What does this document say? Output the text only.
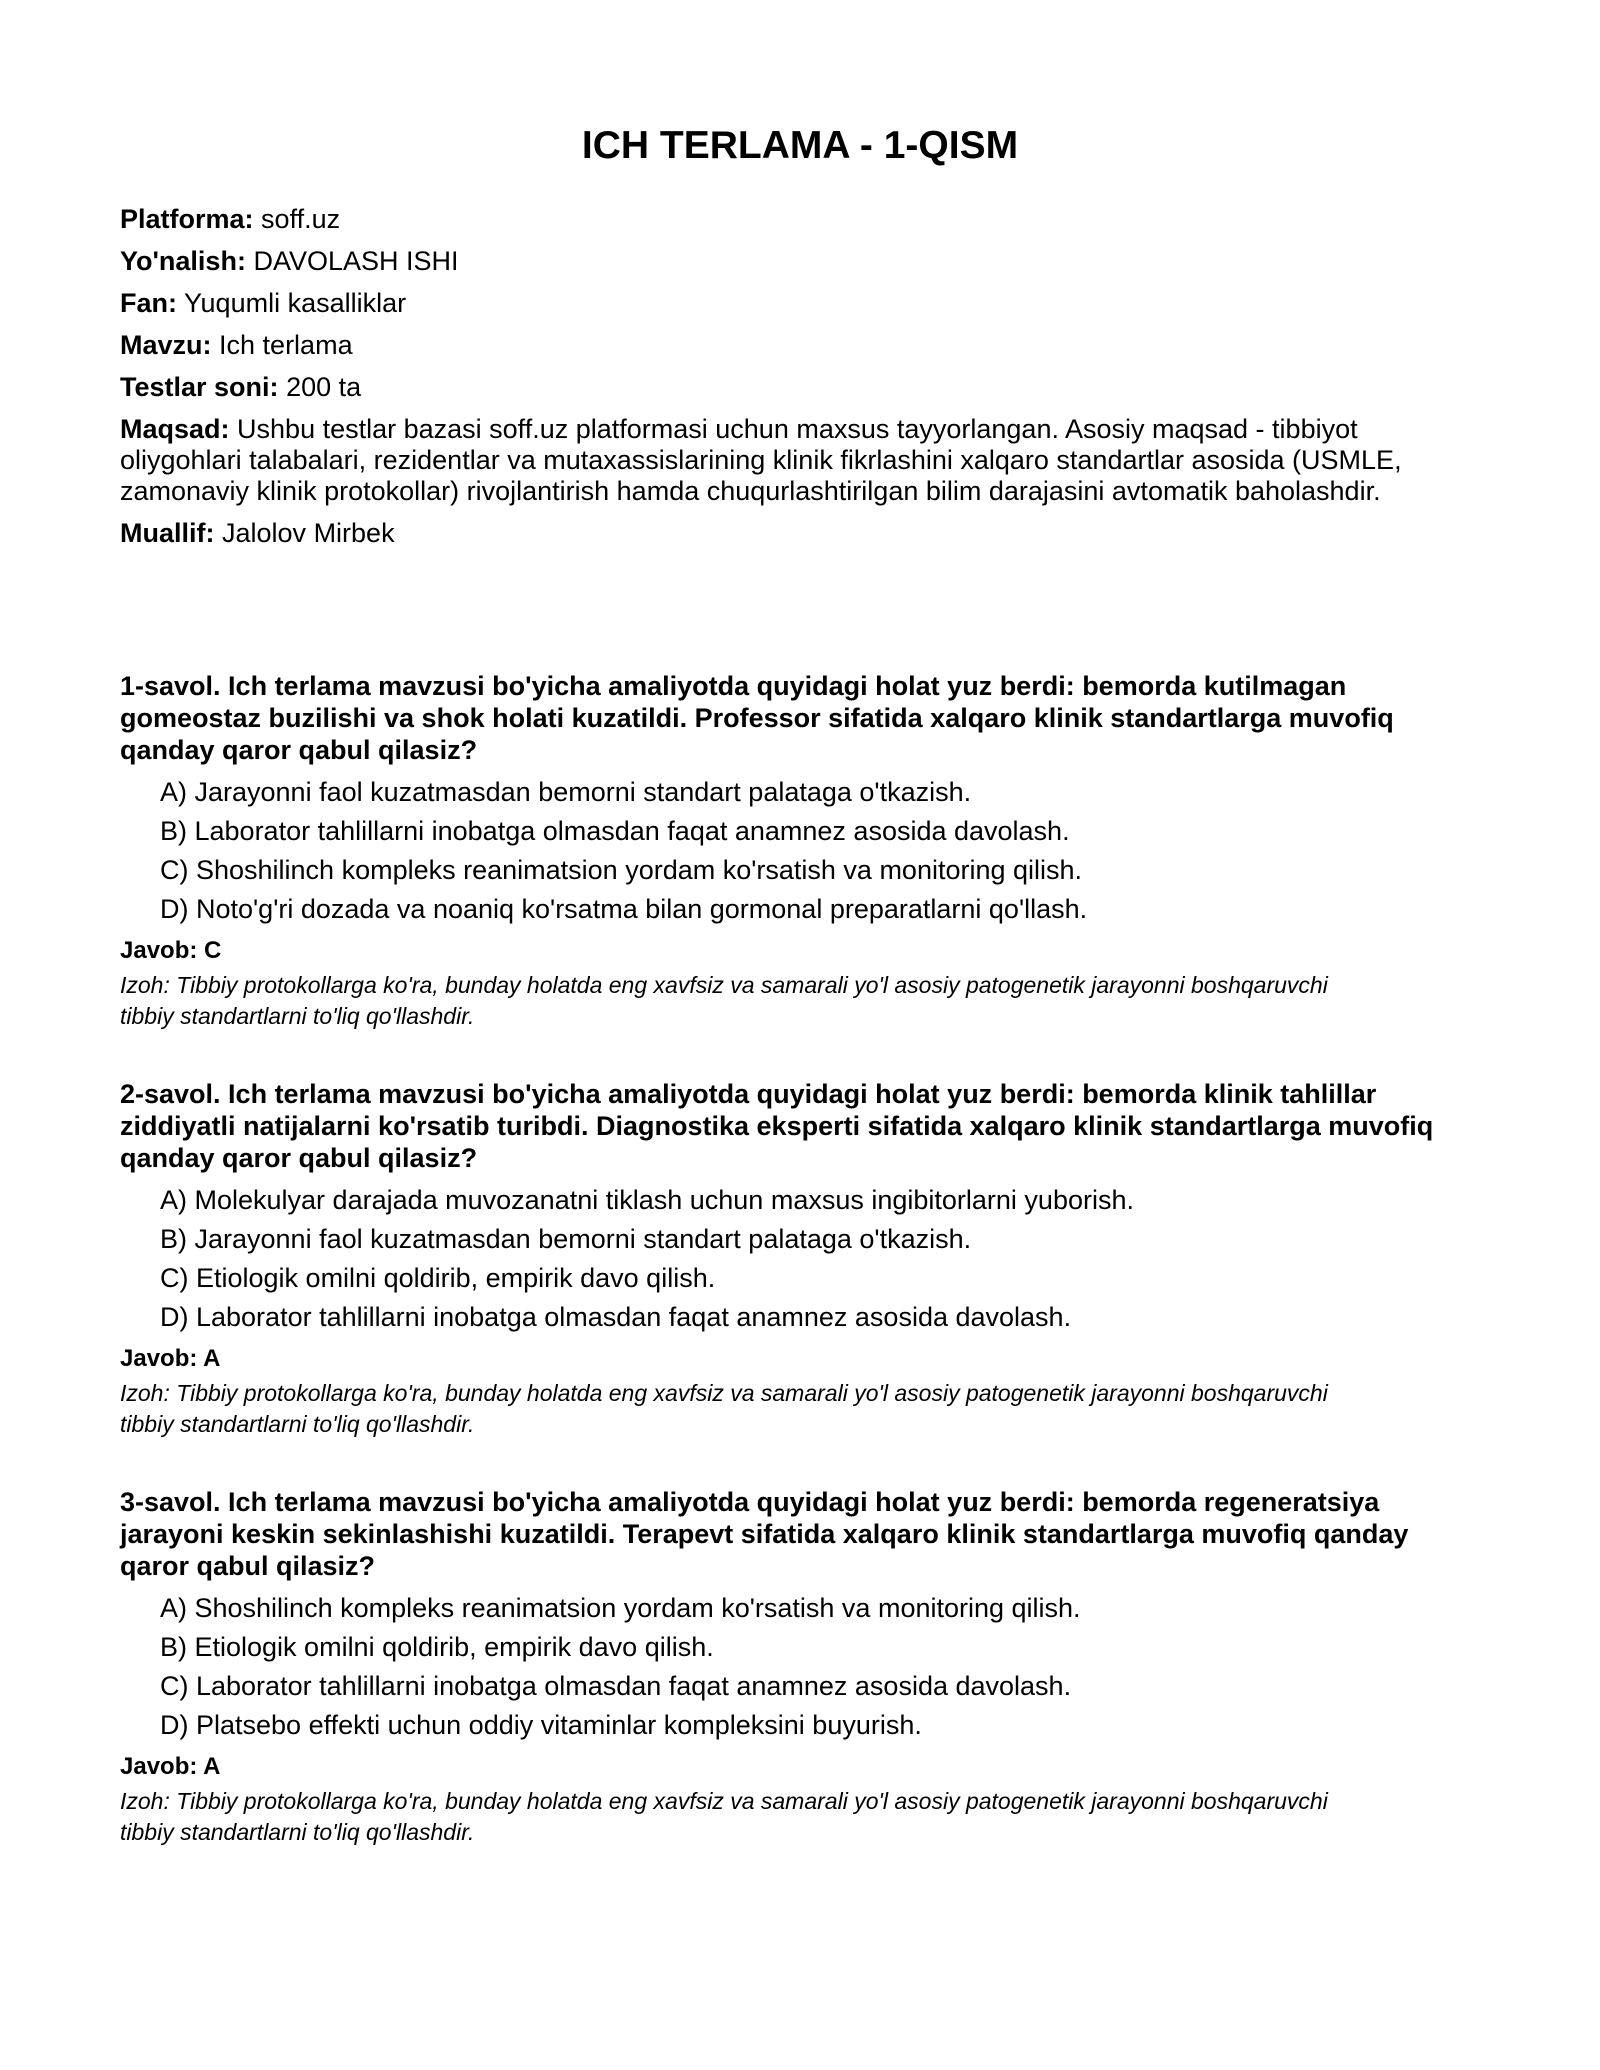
ICH TERLAMA - 1-QISM

Platforma: soff.uz

Yo'nalish: DAVOLASH ISHI

Fan: Yuqumli kasalliklar

Mavzu: Ich terlama

Testlar soni: 200 ta

Maqsad: Ushbu testlar bazasi soff.uz platformasi uchun maxsus tayyorlangan. Asosiy maqsad - tibbiyot oliygohlari talabalari, rezidentlar va mutaxassislarining klinik fikrlashini xalqaro standartlar asosida (USMLE, zamonaviy klinik protokollar) rivojlantirish hamda chuqurlashtirilgan bilim darajasini avtomatik baholashdir.

Muallif: Jalolov Mirbek

1-savol. Ich terlama mavzusi bo'yicha amaliyotda quyidagi holat yuz berdi: bemorda kutilmagan gomeostaz buzilishi va shok holati kuzatildi. Professor sifatida xalqaro klinik standartlarga muvofiq qanday qaror qabul qilasiz?

A) Jarayonni faol kuzatmasdan bemorni standart palataga o'tkazish.
B) Laborator tahlillarni inobatga olmasdan faqat anamnez asosida davolash.
C) Shoshilinch kompleks reanimatsion yordam ko'rsatish va monitoring qilish.
D) Noto'g'ri dozada va noaniq ko'rsatma bilan gormonal preparatlarni qo'llash.

Javob: C

Izoh: Tibbiy protokollarga ko'ra, bunday holatda eng xavfsiz va samarali yo'l asosiy patogenetik jarayonni boshqaruvchi tibbiy standartlarni to'liq qo'llashdir.

2-savol. Ich terlama mavzusi bo'yicha amaliyotda quyidagi holat yuz berdi: bemorda klinik tahlillar ziddiyatli natijalarni ko'rsatib turibdi. Diagnostika eksperti sifatida xalqaro klinik standartlarga muvofiq qanday qaror qabul qilasiz?

A) Molekulyar darajada muvozanatni tiklash uchun maxsus ingibitorlarni yuborish.
B) Jarayonni faol kuzatmasdan bemorni standart palataga o'tkazish.
C) Etiologik omilni qoldirib, empirik davo qilish.
D) Laborator tahlillarni inobatga olmasdan faqat anamnez asosida davolash.

Javob: A

Izoh: Tibbiy protokollarga ko'ra, bunday holatda eng xavfsiz va samarali yo'l asosiy patogenetik jarayonni boshqaruvchi tibbiy standartlarni to'liq qo'llashdir.

3-savol. Ich terlama mavzusi bo'yicha amaliyotda quyidagi holat yuz berdi: bemorda regeneratsiya jarayoni keskin sekinlashishi kuzatildi. Terapevt sifatida xalqaro klinik standartlarga muvofiq qanday qaror qabul qilasiz?

A) Shoshilinch kompleks reanimatsion yordam ko'rsatish va monitoring qilish.
B) Etiologik omilni qoldirib, empirik davo qilish.
C) Laborator tahlillarni inobatga olmasdan faqat anamnez asosida davolash.
D) Platsebo effekti uchun oddiy vitaminlar kompleksini buyurish.

Javob: A

Izoh: Tibbiy protokollarga ko'ra, bunday holatda eng xavfsiz va samarali yo'l asosiy patogenetik jarayonni boshqaruvchi tibbiy standartlarni to'liq qo'llashdir.
